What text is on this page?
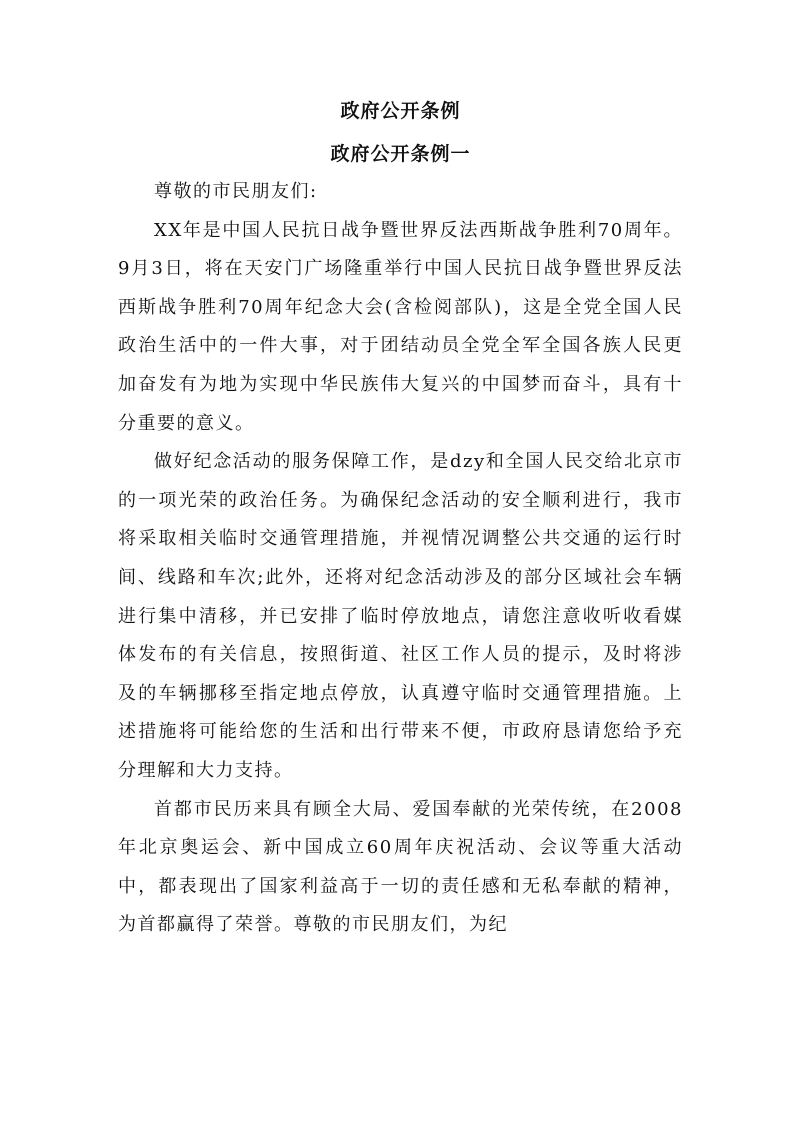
政府公开条例
政府公开条例一

尊敬的市民朋友们:

XX年是中国人民抗日战争暨世界反法西斯战争胜利70周年。9月3日，将在天安门广场隆重举行中国人民抗日战争暨世界反法西斯战争胜利70周年纪念大会(含检阅部队)，这是全党全国人民政治生活中的一件大事，对于团结动员全党全军全国各族人民更加奋发有为地为实现中华民族伟大复兴的中国梦而奋斗，具有十分重要的意义。

做好纪念活动的服务保障工作，是dzy和全国人民交给北京市的一项光荣的政治任务。为确保纪念活动的安全顺利进行，我市将采取相关临时交通管理措施，并视情况调整公共交通的运行时间、线路和车次;此外，还将对纪念活动涉及的部分区域社会车辆进行集中清移，并已安排了临时停放地点，请您注意收听收看媒体发布的有关信息，按照街道、社区工作人员的提示，及时将涉及的车辆挪移至指定地点停放，认真遵守临时交通管理措施。上述措施将可能给您的生活和出行带来不便，市政府恳请您给予充分理解和大力支持。

首都市民历来具有顾全大局、爱国奉献的光荣传统，在2008年北京奥运会、新中国成立60周年庆祝活动、会议等重大活动中，都表现出了国家利益高于一切的责任感和无私奉献的精神，为首都赢得了荣誉。尊敬的市民朋友们，为纪
